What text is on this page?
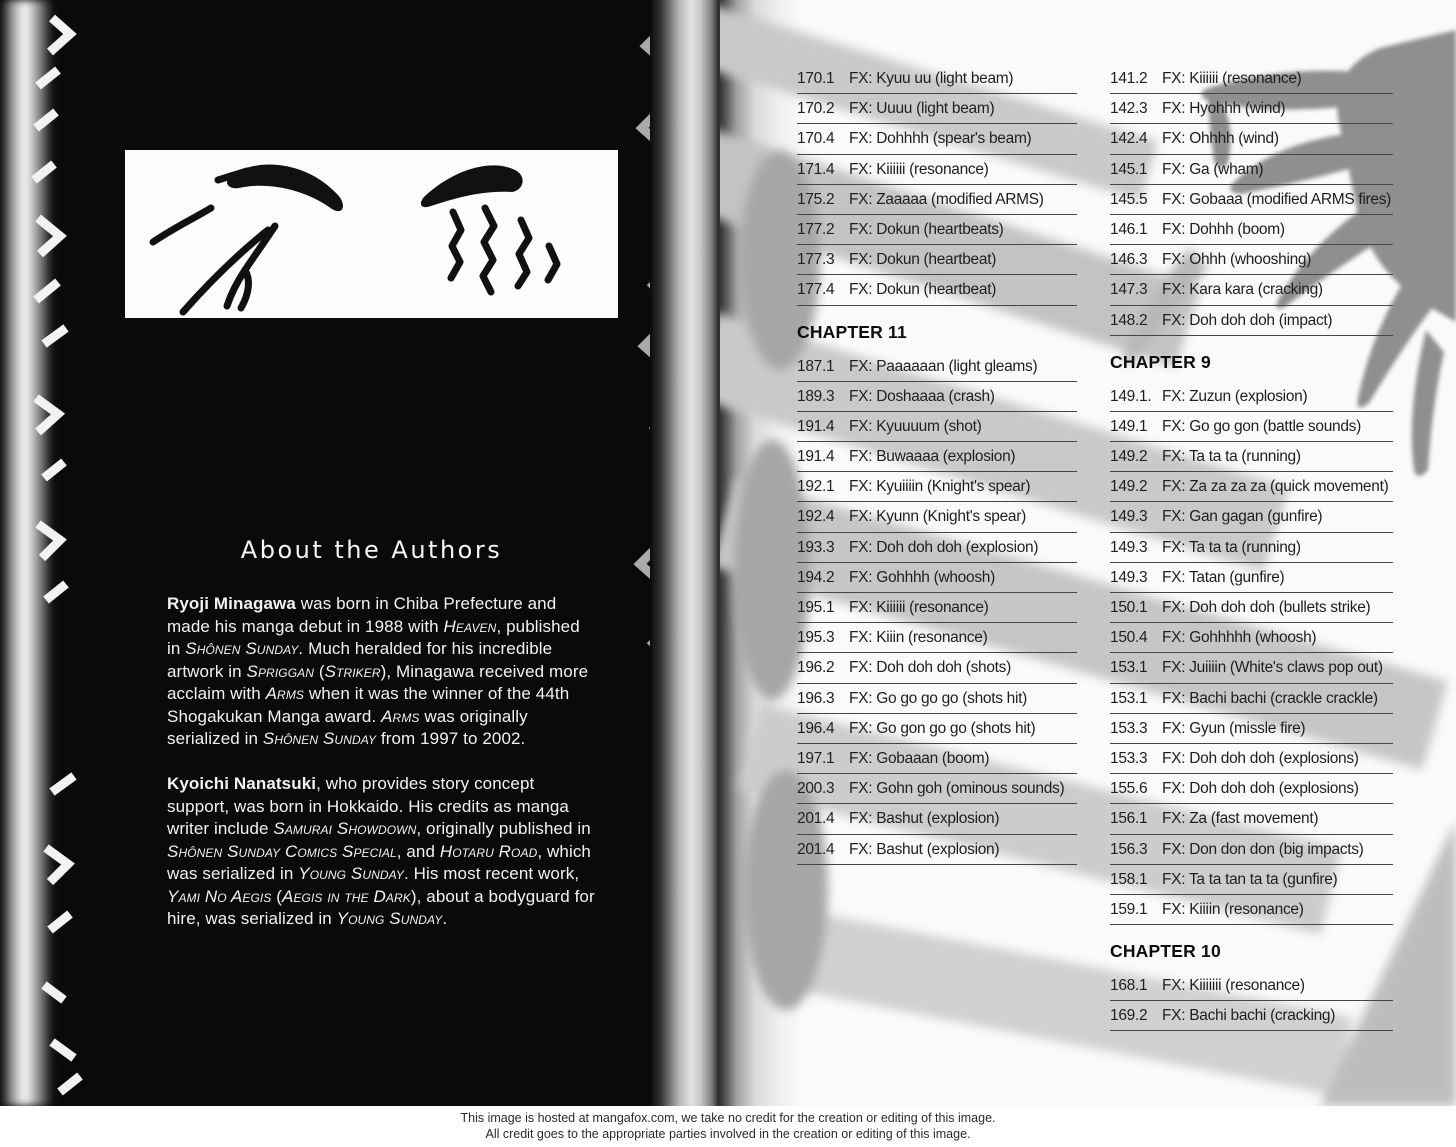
About the Authors

Ryoji Minagawa was born in Chiba Prefecture and made his manga debut in 1988 with Heaven, published in Shônen Sunday. Much heralded for his incredible artwork in Spriggan (Striker), Minagawa received more acclaim with Arms when it was the winner of the 44th Shogakukan Manga award. Arms was originally serialized in Shônen Sunday from 1997 to 2002.

Kyoichi Nanatsuki, who provides story concept support, was born in Hokkaido. His credits as manga writer include Samurai Showdown, originally published in Shônen Sunday Comics Special, and Hotaru Road, which was serialized in Young Sunday. His most recent work, Yami No Aegis (Aegis in the Dark), about a bodyguard for hire, was serialized in Young Sunday.

170.1 FX: Kyuu uu (light beam)
170.2 FX: Uuuu (light beam)
170.4 FX: Dohhhh (spear's beam)
171.4 FX: Kiiiiii (resonance)
175.2 FX: Zaaaaa (modified ARMS)
177.2 FX: Dokun (heartbeats)
177.3 FX: Dokun (heartbeat)
177.4 FX: Dokun (heartbeat)
CHAPTER 11
187.1 FX: Paaaaaan (light gleams)
189.3 FX: Doshaaaa (crash)
191.4 FX: Kyuuuum (shot)
191.4 FX: Buwaaaa (explosion)
192.1 FX: Kyuiiiin (Knight's spear)
192.4 FX: Kyunn (Knight's spear)
193.3 FX: Doh doh doh (explosion)
194.2 FX: Gohhhh (whoosh)
195.1 FX: Kiiiiii (resonance)
195.3 FX: Kiiin (resonance)
196.2 FX: Doh doh doh (shots)
196.3 FX: Go go go go (shots hit)
196.4 FX: Go gon go go (shots hit)
197.1 FX: Gobaaan (boom)
200.3 FX: Gohn goh (ominous sounds)
201.4 FX: Bashut (explosion)
201.4 FX: Bashut (explosion)
141.2 FX: Kiiiiii (resonance)
142.3 FX: Hyohhh (wind)
142.4 FX: Ohhhh (wind)
145.1 FX: Ga (wham)
145.5 FX: Gobaaa (modified ARMS fires)
146.1 FX: Dohhh (boom)
146.3 FX: Ohhh (whooshing)
147.3 FX: Kara kara (cracking)
148.2 FX: Doh doh doh (impact)
CHAPTER 9
149.1. FX: Zuzun (explosion)
149.1 FX: Go go gon (battle sounds)
149.2 FX: Ta ta ta (running)
149.2 FX: Za za za za (quick movement)
149.3 FX: Gan gagan (gunfire)
149.3 FX: Ta ta ta (running)
149.3 FX: Tatan (gunfire)
150.1 FX: Doh doh doh (bullets strike)
150.4 FX: Gohhhhh (whoosh)
153.1 FX: Juiiiin (White's claws pop out)
153.1 FX: Bachi bachi (crackle crackle)
153.3 FX: Gyun (missle fire)
153.3 FX: Doh doh doh (explosions)
155.6 FX: Doh doh doh (explosions)
156.1 FX: Za (fast movement)
156.3 FX: Don don don (big impacts)
158.1 FX: Ta ta tan ta ta (gunfire)
159.1 FX: Kiiiin (resonance)
CHAPTER 10
168.1 FX: Kiiiiiii (resonance)
169.2 FX: Bachi bachi (cracking)
This image is hosted at mangafox.com, we take no credit for the creation or editing of this image.
All credit goes to the appropriate parties involved in the creation or editing of this image.
